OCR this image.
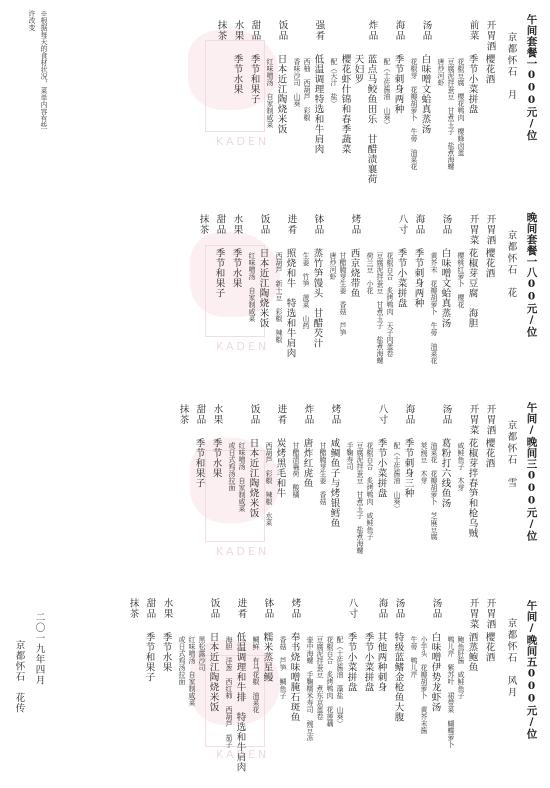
KADEN
KADEN
KADEN
KADEN
午间套餐一000元/位
京都怀石　月
开胃酒
樱花酒
前菜
季节小菜拼盘
花椒豆腐　樱花鸭肉　樱蜂卤蛋
豆腐泥拌蚕豆　甘煮玉子　盐煮海螺
唐炒河虾
汤品
白味噌文蛤真蒸汤
花椒芽　花瓣胡萝卜　牛蒡　油菜花
海品
季节刺身两种
配（土佐酱油　山葵）
炸品
蓝点马鲛鱼田乐　甘醋渍襄荷
天妇罗
樱花虾什锦和春季蔬菜
配（天汁　盐）
强肴
低温调理特选和牛肩肉
西柚　西葫芦　彩椒
香味沙司　山葵
饭品
日本近江陶烧米饭
红味噌汤　自家制咸菜
甜品
季节和果子
水果
季节水果
抹茶
晚间套餐一八00元/位
京都怀石　花
开胃酒
樱花酒
开胃菜
花椒芽豆腐　海胆
樱桃红萝卜　樱花
汤品
白味噌文蛤真蒸汤
黄芥末　花瓣胡萝卜　牛蒡　油菜花
海品
季节刺身两种
八寸
季节小菜拼盘
花椒百合　炙烤鸭肉　天子肉蛋卷
豆腐泥拌蚕豆　甘煮玉子　盐煮海螺
荷兰豆　小花
烤品
西京烧带鱼
甘醋腌芽生姜　香菇　芦笋
唐炒河虾
钵品
蒸竹笋馒头　甘醋芡汁
生姜　竹笋　菠菜　山药
进肴
照烧和牛　特选和牛肩肉
西葫芦　新土豆　彩椒　辣椒
饭品
日本近江陶烧米饭
红味噌汤　自家制咸菜
水果
季节水果
甜品
季节和果子
抹茶
午间/晚间三000元/位
京都怀石　雪
开胃酒
樱花酒
开胃菜
花椒芽拌春笋和枪乌贼
咸鲑鱼子　木芽
汤品
葛粉打六线鱼汤
油菜花　花瓣胡萝卜　芝麻豆腐
荚豌豆　木芽
海品
季节刺身三种
配（土佐酱油　山葵）
八寸
季节小菜拼盘
花椒百合　炙烤鸭肉　咸鲑鱼子
豆腐泥拌蚕豆　甘煮玉子　盐煮海螺
手鞠寿司
烤品
咸鲷鱼子与烤银鳕鱼
甘醋腌芽生姜　香菇
炸品
唐炸红虎鱼
甘醋渍襄荷　酸橘
进肴
炭烤黑毛和牛
西葫芦　彩椒　辣椒　水菜
饭品
日本近江陶烧米饭
红味噌汤　自家制咸菜
或日式鸡汤拉面
水果
季节水果
甜品
季节和果子
抹茶
午间/晚间五000元/位
京都怀石　风月
开胃酒
樱花酒
开胃菜
酒蒸鲍鱼
鲍鱼肝酱　咸鲑鱼子
鸭儿芹　紫苏叶　裙带菜　蝴蝶萝卜
汤品
白味噌伊势龙虾汤
小芋头　花瓣胡萝卜　黄芥末酱
牛蒡　鸭儿芹
汤品
特级蓝鳍金枪鱼大腹
海品
其他两种刺身
季节小菜拼盘
八寸
季节小菜拼盘
配（土佐酱油　藻盐　山葵）
花椒百合　炙烤鸭肉　花莲藕
豆腐泥拌蚕豆　煮东京蛋卷
壶中海螺　手鞠糯米寿司　豌豆冻
烤品
奉书烧味噌腌石斑鱼
香菇　芦笋　鲷鱼子
钵品
糯米蒸星鳗
鲷鲜　有马花椒　油菜花
进肴
低温调理和牛排　特选和牛肩肉
海胆　洋葱　西红柿　西葫芦　茄子
饭品
日本近江陶烧米饭
黑松露沙司
红味噌汤　自家制咸菜
或日式鸡汤拉面
水果
季节水果
甜品
季节和果子
抹茶
※根据每天的食材状况，菜单内容有些
许改变
二〇一九年四月
京都怀石　花传
